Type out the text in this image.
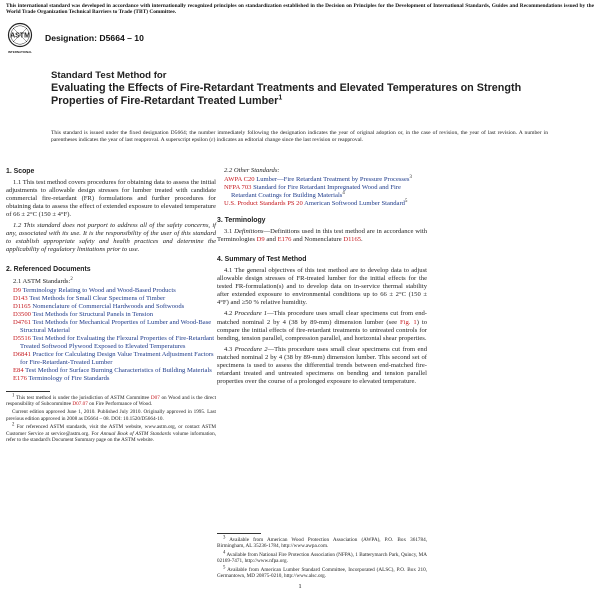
This international standard was developed in accordance with internationally recognized principles on standardization established in the Decision on Principles for the Development of International Standards, Guides and Recommendations issued by the World Trade Organization Technical Barriers to Trade (TBT) Committee.
ASTM
INTERNATIONAL
Designation: D5664 – 10
Standard Test Method for
Evaluating the Effects of Fire-Retardant Treatments and Elevated Temperatures on Strength Properties of Fire-Retardant Treated Lumber$^1$
This standard is issued under the fixed designation D5664; the number immediately following the designation indicates the year of original adoption or, in the case of revision, the year of last revision. A number in parentheses indicates the year of last reapproval. A superscript epsilon (ε) indicates an editorial change since the last revision or reapproval.
1. Scope

1.1 This test method covers procedures for obtaining data to assess the initial adjustments to allowable design stresses for lumber treated with candidate commercial fire-retardant (FR) formulations and further procedures for obtaining data to assess the effect of extended exposure to elevated temperature of 66 ± 2°C (150 ± 4°F).

1.2 This standard does not purport to address all of the safety concerns, if any, associated with its use. It is the responsibility of the user of this standard to establish appropriate safety and health practices and determine the applicability of regulatory limitations prior to use.

2. Referenced Documents

2.1 ASTM Standards:$^2$

D9 Terminology Relating to Wood and Wood-Based Products
D143 Test Methods for Small Clear Specimens of Timber
D1165 Nomenclature of Commercial Hardwoods and Softwoods
D3500 Test Methods for Structural Panels in Tension
D4761 Test Methods for Mechanical Properties of Lumber and Wood-Base Structural Material
D5516 Test Method for Evaluating the Flexural Properties of Fire-Retardant Treated Softwood Plywood Exposed to Elevated Temperatures
D6841 Practice for Calculating Design Value Treatment Adjustment Factors for Fire-Retardant-Treated Lumber
E84 Test Method for Surface Burning Characteristics of Building Materials
E176 Terminology of Fire Standards

$^1$ This test method is under the jurisdiction of ASTM Committee D07 on Wood and is the direct responsibility of Subcommittee D07.07 on Fire Performance of Wood.

Current edition approved June 1, 2010. Published July 2010. Originally approved in 1995. Last previous edition approved in 2008 as D5664 – 08. DOI: 10.1520/D5664-10.

$^2$ For referenced ASTM standards, visit the ASTM website, www.astm.org, or contact ASTM Customer Service at service@astm.org. For Annual Book of ASTM Standards volume information, refer to the standard's Document Summary page on the ASTM website.

2.2 Other Standards:

AWPA C20 Lumber—Fire Retardant Treatment by Pressure Processes$^3$
NFPA 703 Standard for Fire Retardant Impregnated Wood and Fire Retardant Coatings for Building Materials$^4$
U.S. Product Standards PS 20 American Softwood Lumber Standard$^5$
3. Terminology

3.1 Definitions—Definitions used in this test method are in accordance with Terminologies D9 and E176 and Nomenclature D1165.

4. Summary of Test Method

4.1 The general objectives of this test method are to develop data to adjust allowable design stresses of FR-treated lumber for the initial effects for the tested FR-formulation(s) and to develop data on in-service thermal stability after extended exposure to environmental conditions up to 66 ± 2°C (150 ± 4°F) and ≥50 % relative humidity.

4.2 Procedure 1—This procedure uses small clear specimens cut from end-matched nominal 2 by 4 (38 by 89-mm) dimension lumber (see Fig. 1) to compare the initial effects of fire-retardant treatments to untreated controls for bending, tension parallel, compression parallel, and horizontal shear properties.

4.3 Procedure 2—This procedure uses small clear specimens cut from end matched nominal 2 by 4 (38 by 89-mm) dimension lumber. This second set of specimens is used to assess the differential trends between end-matched fire-retardant treated and untreated specimens on bending and tension parallel properties over the course of a prolonged exposure to elevated temperature.

$^3$ Available from American Wood Protection Association (AWPA), P.O. Box 361784, Birmingham, AL 35236-1784, http://www.awpa.com.

$^4$ Available from National Fire Protection Association (NFPA), 1 Batterymarch Park, Quincy, MA 02169-7471, http://www.nfpa.org.

$^5$ Available from American Lumber Standard Committee, Incorporated (ALSC), P.O. Box 210, Germantown, MD 20875-0210, http://www.alsc.org.

1
